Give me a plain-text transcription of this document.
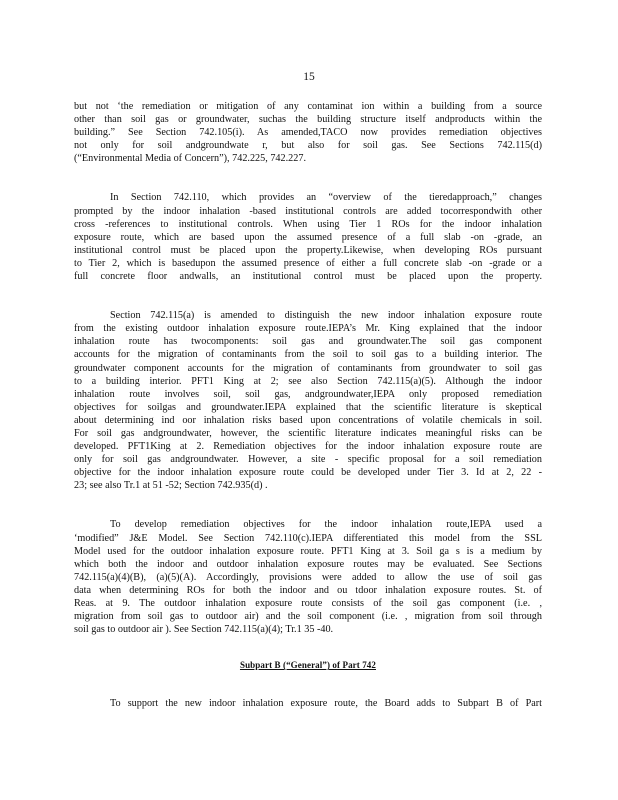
15
but not ‘the remediation or mitigation of any contaminat ion within a building from a source
other than soil gas or groundwater, suchas the building structure itself andproducts within the
building.” See Section 742.105(i). As amended,TACO now provides remediation objectives
not only for soil andgroundwate r, but also for soil gas. See Sections 742.115(d)
(“Environmental Media of Concern”), 742.225, 742.227.
In Section 742.110, which provides an “overview of the tieredapproach,” changes
prompted by the indoor inhalation -based institutional controls are added tocorrespondwith other
cross -references to institutional controls. When using Tier 1 ROs for the indoor inhalation
exposure route, which are based upon the assumed presence of a full slab -on -grade, an
institutional control must be placed upon the property.Likewise, when developing ROs pursuant
to Tier 2, which is basedupon the assumed presence of either a full concrete slab -on -grade or a
full concrete floor andwalls, an institutional control must be placed upon the property.
Section 742.115(a) is amended to distinguish the new indoor inhalation exposure route
from the existing outdoor inhalation exposure route.IEPA’s Mr. King explained that the indoor
inhalation route has twocomponents: soil gas and groundwater.The soil gas component
accounts for the migration of contaminants from the soil to soil gas to a building interior. The
groundwater component accounts for the migration of contaminants from groundwater to soil gas
to a building interior. PFT1 King at 2; see also Section 742.115(a)(5). Although the indoor
inhalation route involves soil, soil gas, andgroundwater,IEPA only proposed remediation
objectives for soilgas and groundwater.IEPA explained that the scientific literature is skeptical
about determining ind oor inhalation risks based upon concentrations of volatile chemicals in soil.
For soil gas andgroundwater, however, the scientific literature indicates meaningful risks can be
developed. PFT1King at 2. Remediation objectives for the indoor inhalation exposure route are
only for soil gas andgroundwater. However, a site - specific proposal for a soil remediation
objective for the indoor inhalation exposure route could be developed under Tier 3. Id at 2, 22 -
23; see also Tr.1 at 51 -52; Section 742.935(d) .
To develop remediation objectives for the indoor inhalation route,IEPA used a
‘modified” J&E Model. See Section 742.110(c).IEPA differentiated this model from the SSL
Model used for the outdoor inhalation exposure route. PFT1 King at 3. Soil ga s is a medium by
which both the indoor and outdoor inhalation exposure routes may be evaluated. See Sections
742.115(a)(4)(B), (a)(5)(A). Accordingly, provisions were added to allow the use of soil gas
data when determining ROs for both the indoor and ou tdoor inhalation exposure routes. St. of
Reas. at 9. The outdoor inhalation exposure route consists of the soil gas component (i.e. ,
migration from soil gas to outdoor air) and the soil component (i.e. , migration from soil through
soil gas to outdoor air ). See Section 742.115(a)(4); Tr.1 35 -40.
Subpart B (“General”) of Part 742
To support the new indoor inhalation exposure route, the Board adds to Subpart B of Part
